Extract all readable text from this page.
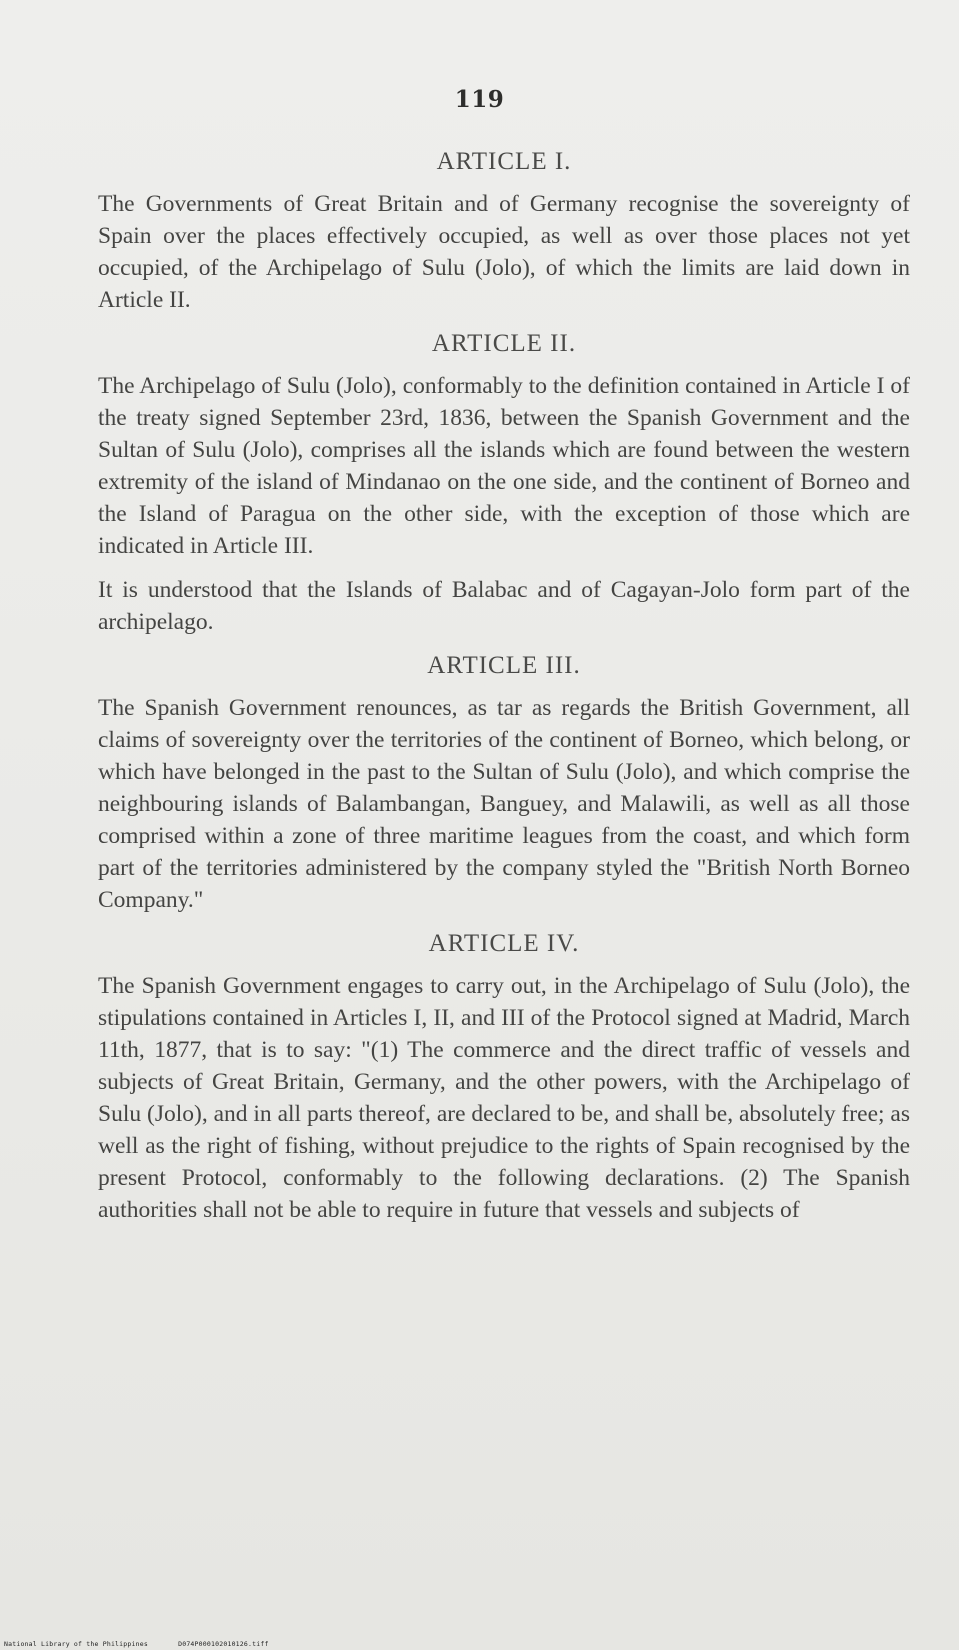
119
ARTICLE I.

The Governments of Great Britain and of Germany recognise the sovereignty of Spain over the places effectively occupied, as well as over those places not yet occupied, of the Archipelago of Sulu (Jolo), of which the limits are laid down in Article II.

ARTICLE II.

The Archipelago of Sulu (Jolo), conformably to the definition contained in Article I of the treaty signed September 23rd, 1836, between the Spanish Government and the Sultan of Sulu (Jolo), comprises all the islands which are found between the western extremity of the island of Mindanao on the one side, and the continent of Borneo and the Island of Paragua on the other side, with the exception of those which are indicated in Article III.

It is understood that the Islands of Balabac and of Cagayan-Jolo form part of the archipelago.

ARTICLE III.

The Spanish Government renounces, as tar as regards the British Government, all claims of sovereignty over the territories of the continent of Borneo, which belong, or which have belonged in the past to the Sultan of Sulu (Jolo), and which comprise the neighbouring islands of Balambangan, Banguey, and Malawili, as well as all those comprised within a zone of three maritime leagues from the coast, and which form part of the territories administered by the company styled the "British North Borneo Company."

ARTICLE IV.

The Spanish Government engages to carry out, in the Archipelago of Sulu (Jolo), the stipulations contained in Articles I, II, and III of the Protocol signed at Madrid, March 11th, 1877, that is to say: "(1) The commerce and the direct traffic of vessels and subjects of Great Britain, Germany, and the other powers, with the Archipelago of Sulu (Jolo), and in all parts thereof, are declared to be, and shall be, absolutely free; as well as the right of fishing, without prejudice to the rights of Spain recognised by the present Protocol, conformably to the following declarations. (2) The Spanish authorities shall not be able to require in future that vessels and subjects of

National Library of the Philippines	D074P000102010126.tiff
